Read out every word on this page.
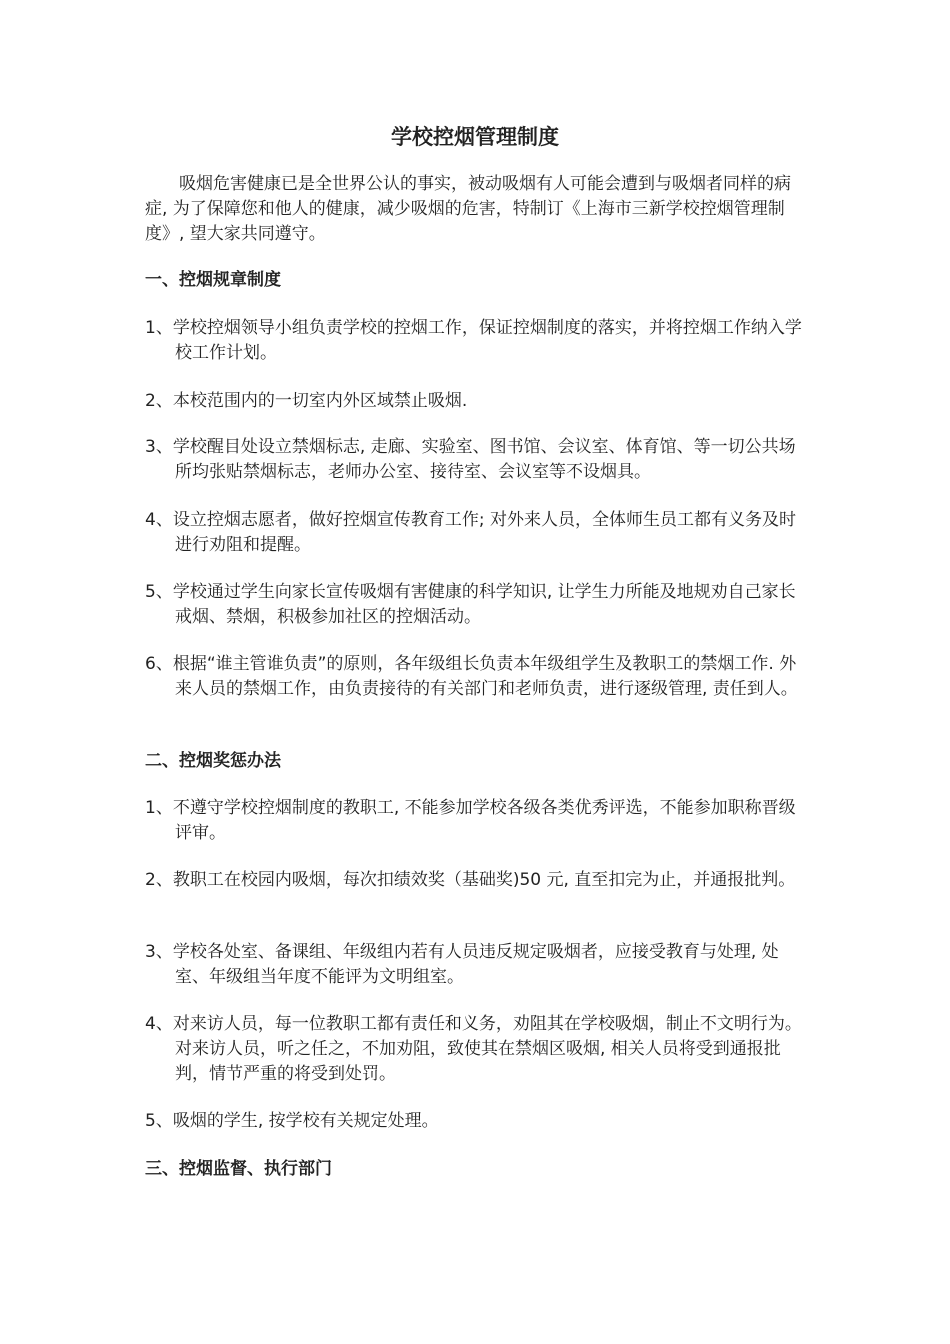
学校控烟管理制度
吸烟危害健康已是全世界公认的事实，被动吸烟有人可能会遭到与吸烟者同样的病症, 为了保障您和他人的健康，减少吸烟的危害，特制订《上海市三新学校控烟管理制度》, 望大家共同遵守。
一、控烟规章制度
1、学校控烟领导小组负责学校的控烟工作，保证控烟制度的落实，并将控烟工作纳入学校工作计划。
2、本校范围内的一切室内外区域禁止吸烟.
3、学校醒目处设立禁烟标志, 走廊、实验室、图书馆、会议室、体育馆、等一切公共场所均张贴禁烟标志，老师办公室、接待室、会议室等不设烟具。
4、设立控烟志愿者，做好控烟宣传教育工作; 对外来人员，全体师生员工都有义务及时进行劝阻和提醒。
5、学校通过学生向家长宣传吸烟有害健康的科学知识, 让学生力所能及地规劝自己家长戒烟、禁烟，积极参加社区的控烟活动。
6、根据“谁主管谁负责”的原则，各年级组长负责本年级组学生及教职工的禁烟工作. 外来人员的禁烟工作，由负责接待的有关部门和老师负责，进行逐级管理, 责任到人。
二、控烟奖惩办法
1、不遵守学校控烟制度的教职工, 不能参加学校各级各类优秀评选，不能参加职称晋级评审。
2、教职工在校园内吸烟，每次扣绩效奖（基础奖)50 元, 直至扣完为止，并通报批判。
3、学校各处室、备课组、年级组内若有人员违反规定吸烟者，应接受教育与处理, 处室、年级组当年度不能评为文明组室。
4、对来访人员，每一位教职工都有责任和义务，劝阻其在学校吸烟，制止不文明行为。对来访人员，听之任之，不加劝阻，致使其在禁烟区吸烟, 相关人员将受到通报批判，情节严重的将受到处罚。
5、吸烟的学生, 按学校有关规定处理。
三、控烟监督、执行部门
